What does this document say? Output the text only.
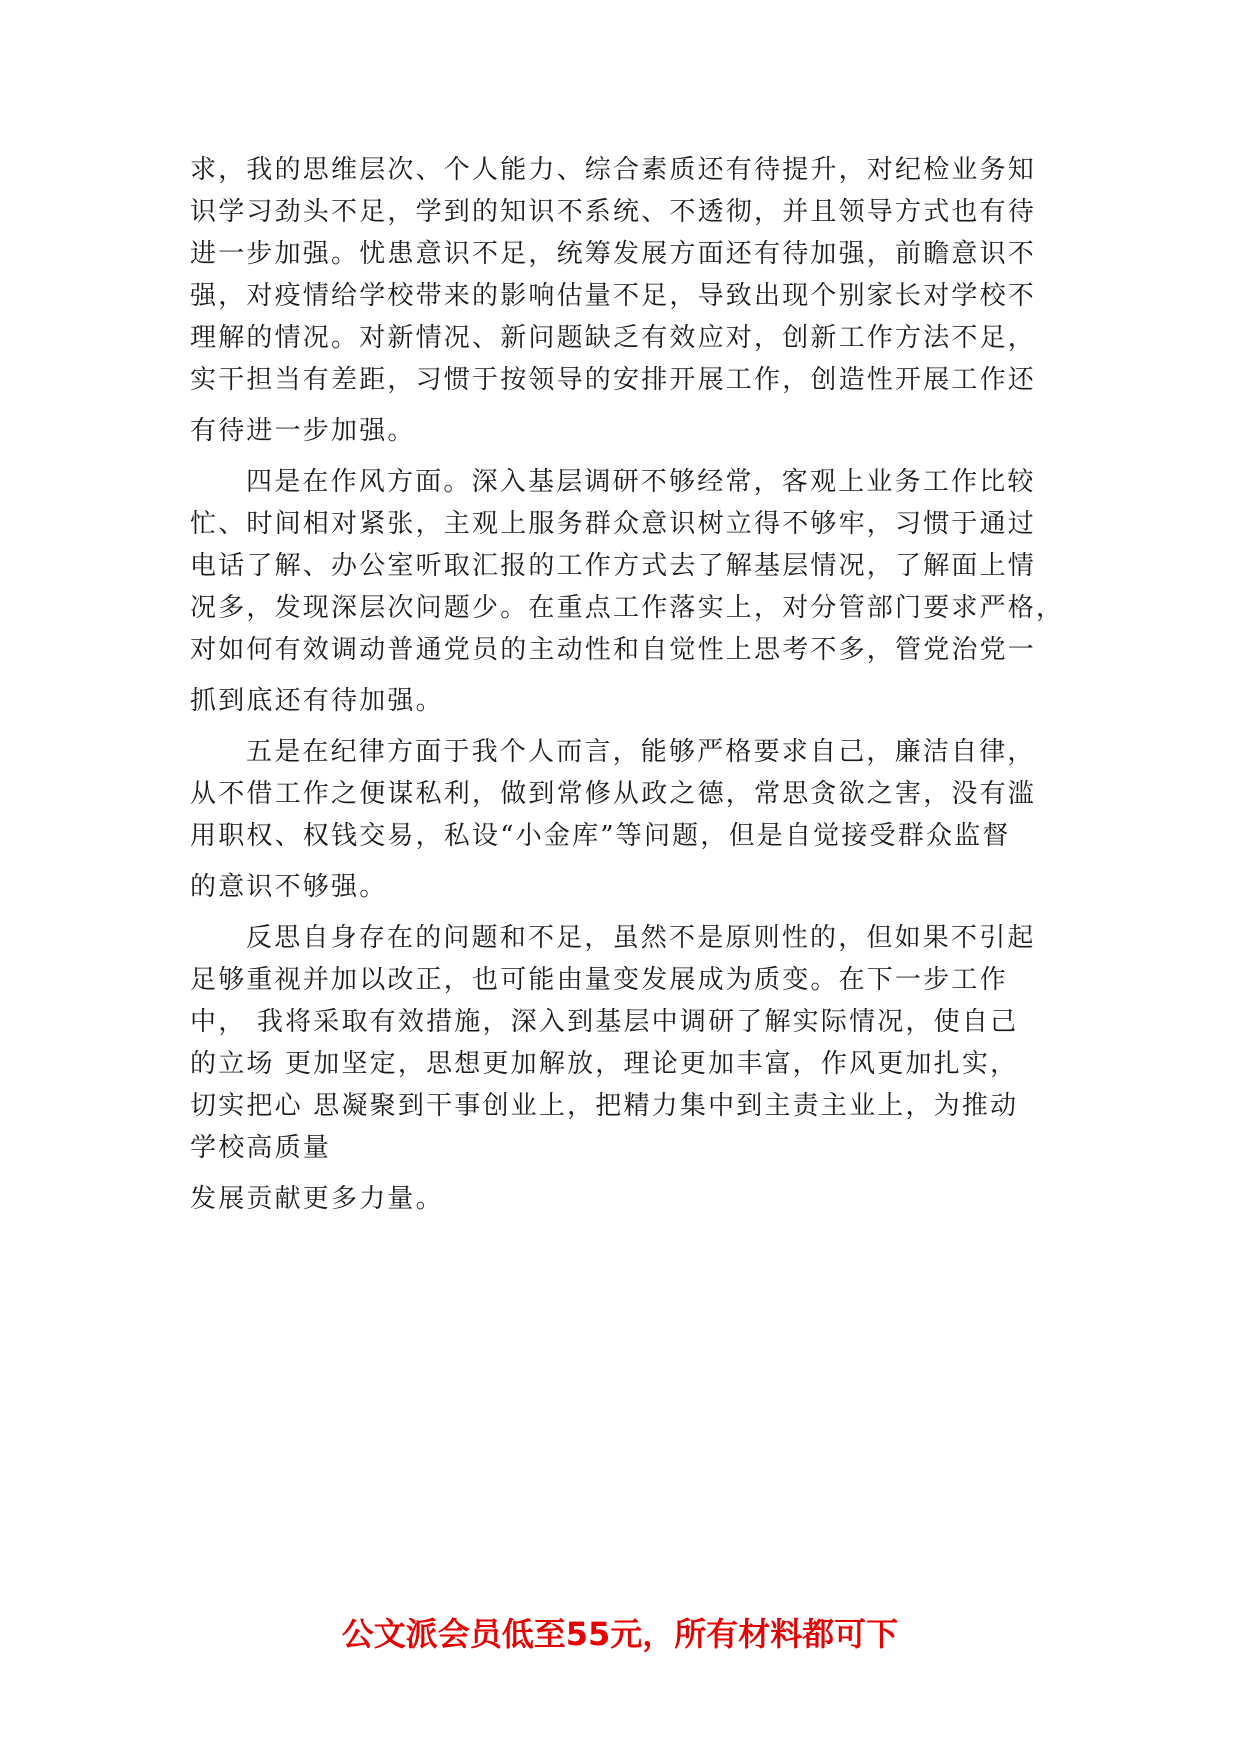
求，我的思维层次、个人能力、综合素质还有待提升，对纪检业务知
识学习劲头不足，学到的知识不系统、不透彻，并且领导方式也有待
进一步加强。忧患意识不足，统筹发展方面还有待加强，前瞻意识不
强，对疫情给学校带来的影响估量不足，导致出现个别家长对学校不
理解的情况。对新情况、新问题缺乏有效应对，创新工作方法不足，
实干担当有差距，习惯于按领导的安排开展工作，创造性开展工作还
有待进一步加强。
四是在作风方面。深入基层调研不够经常，客观上业务工作比较
忙、时间相对紧张，主观上服务群众意识树立得不够牢，习惯于通过
电话了解、办公室听取汇报的工作方式去了解基层情况，了解面上情
况多，发现深层次问题少。在重点工作落实上，对分管部门要求严格，
对如何有效调动普通党员的主动性和自觉性上思考不多，管党治党一
抓到底还有待加强。
五是在纪律方面于我个人而言，能够严格要求自己，廉洁自律，
从不借工作之便谋私利，做到常修从政之德，常思贪欲之害，没有滥
用职权、权钱交易，私设“小金库”等问题，但是自觉接受群众监督
的意识不够强。
反思自身存在的问题和不足，虽然不是原则性的，但如果不引起
足够重视并加以改正，也可能由量变发展成为质变。在下一步工作
中， 我将采取有效措施，深入到基层中调研了解实际情况，使自己
的立场 更加坚定，思想更加解放，理论更加丰富，作风更加扎实，
切实把心 思凝聚到干事创业上，把精力集中到主责主业上，为推动
学校高质量
发展贡献更多力量。
公文派会员低至55元，所有材料都可下
